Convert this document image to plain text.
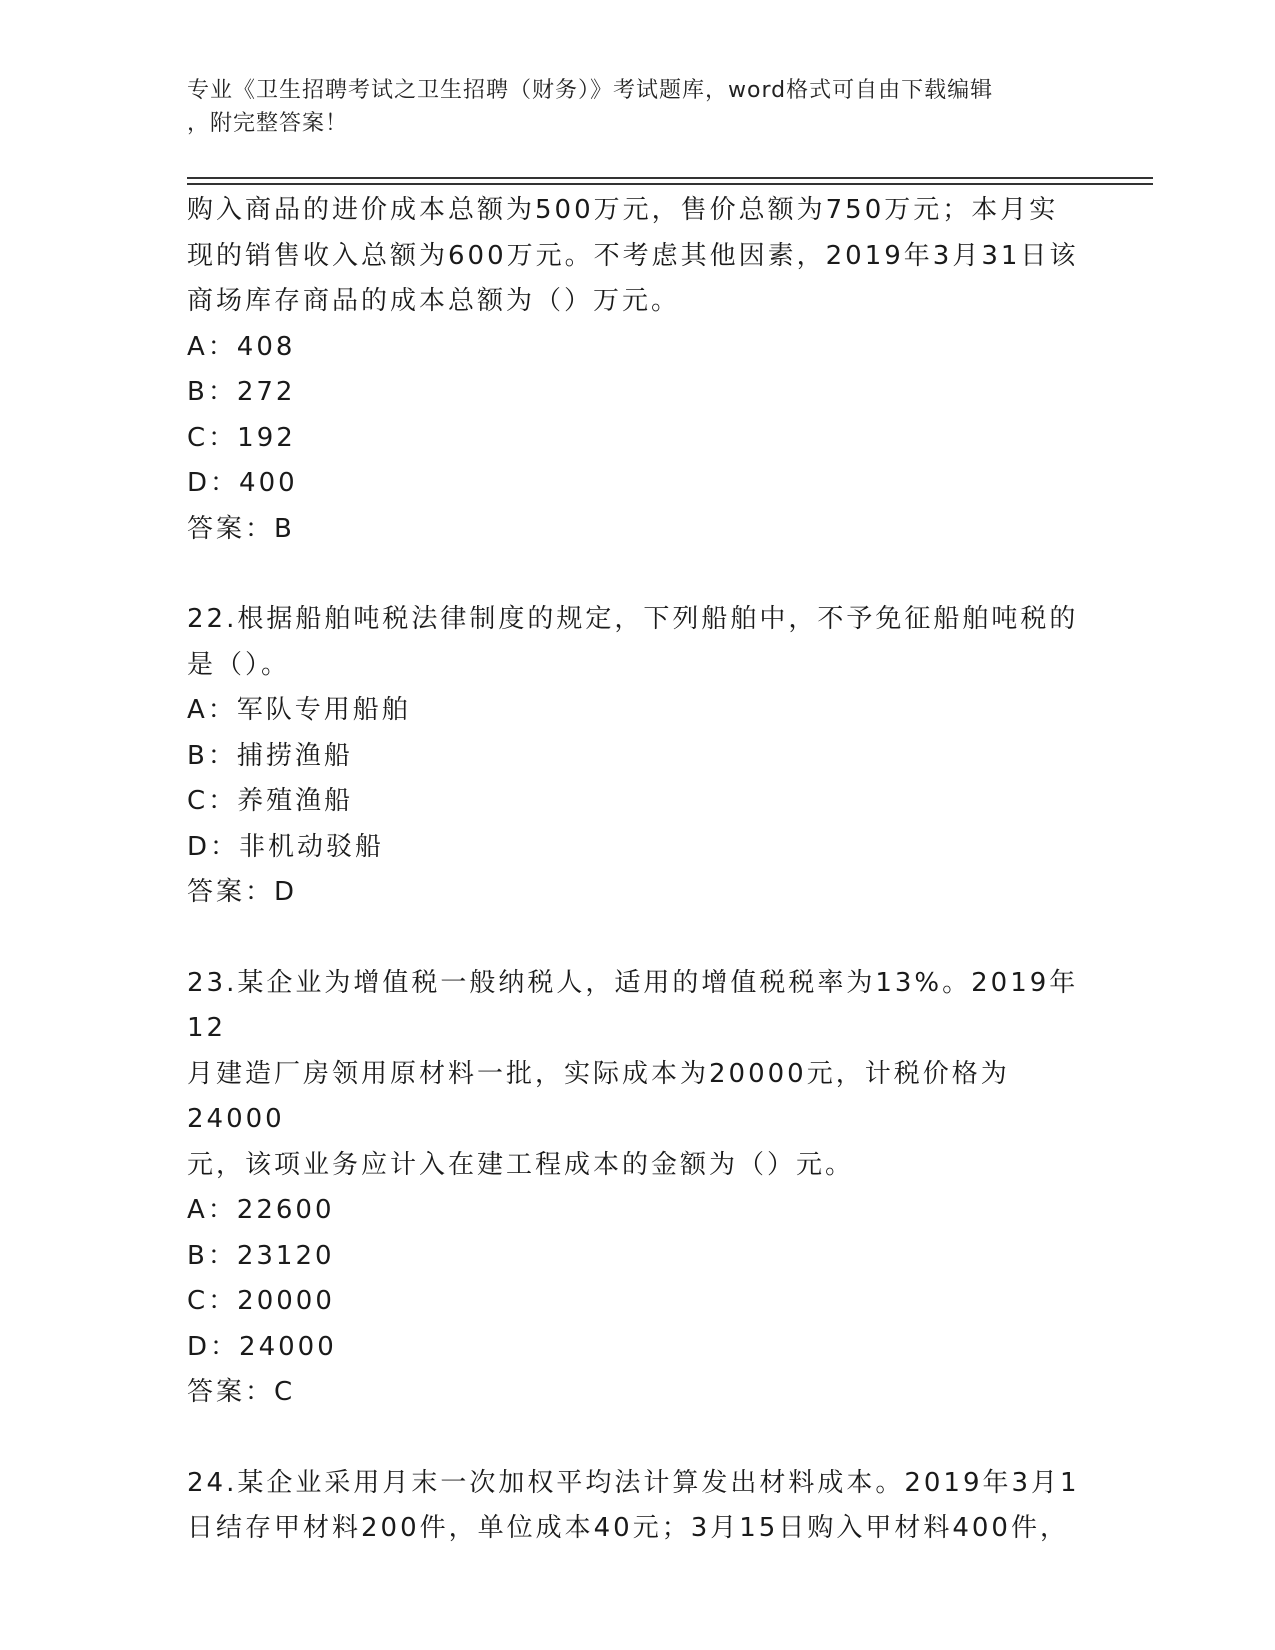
专业《卫生招聘考试之卫生招聘（财务）》考试题库，word格式可自由下载编辑
，附完整答案！

购入商品的进价成本总额为500万元，售价总额为750万元；本月实

现的销售收入总额为600万元。不考虑其他因素，2019年3月31日该

商场库存商品的成本总额为（）万元。

A：408

B：272

C：192

D：400

答案：B

22.根据船舶吨税法律制度的规定，下列船舶中，不予免征船舶吨税的

是（）。

A：军队专用船舶

B：捕捞渔船

C：养殖渔船

D：非机动驳船

答案：D

23.某企业为增值税一般纳税人，适用的增值税税率为13%。2019年12

月建造厂房领用原材料一批，实际成本为20000元，计税价格为24000

元，该项业务应计入在建工程成本的金额为（）元。

A：22600

B：23120

C：20000

D：24000

答案：C

24.某企业采用月末一次加权平均法计算发出材料成本。2019年3月1

日结存甲材料200件，单位成本40元；3月15日购入甲材料400件，
